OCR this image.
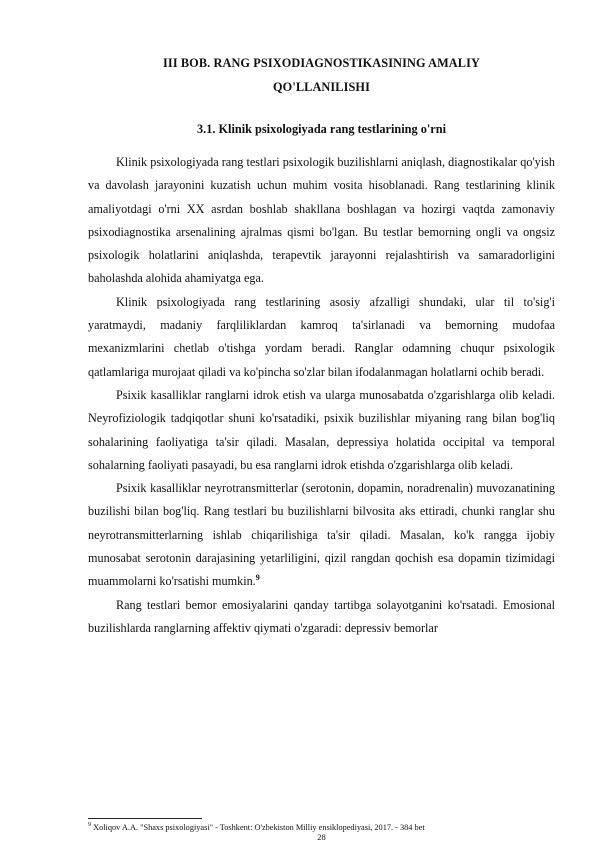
III BOB. RANG PSIXODIAGNOSTIKASINING AMALIY
QO'LLANILISHI
3.1. Klinik psixologiyada rang testlarining o'rni

Klinik psixologiyada rang testlari psixologik buzilishlarni aniqlash, diagnostikalar qo'yish va davolash jarayonini kuzatish uchun muhim vosita hisoblanadi. Rang testlarining klinik amaliyotdagi o'rni XX asrdan boshlab shakllana boshlagan va hozirgi vaqtda zamonaviy psixodiagnostika arsenalining ajralmas qismi bo'lgan. Bu testlar bemorning ongli va ongsiz psixologik holatlarini aniqlashda, terapevtik jarayonni rejalashtirish va samaradorligini baholashda alohida ahamiyatga ega.

Klinik psixologiyada rang testlarining asosiy afzalligi shundaki, ular til to'sig'i yaratmaydi, madaniy farqliliklardan kamroq ta'sirlanadi va bemorning mudofaa mexanizmlarini chetlab o'tishga yordam beradi. Ranglar odamning chuqur psixologik qatlamlariga murojaat qiladi va ko'pincha so'zlar bilan ifodalanmagan holatlarni ochib beradi.

Psixik kasalliklar ranglarni idrok etish va ularga munosabatda o'zgarishlarga olib keladi. Neyrofiziologik tadqiqotlar shuni ko'rsatadiki, psixik buzilishlar miyaning rang bilan bog'liq sohalarining faoliyatiga ta'sir qiladi. Masalan, depressiya holatida occipital va temporal sohalarning faoliyati pasayadi, bu esa ranglarni idrok etishda o'zgarishlarga olib keladi.

Psixik kasalliklar neyrotransmitterlar (serotonin, dopamin, noradrenalin) muvozanatining buzilishi bilan bog'liq. Rang testlari bu buzilishlarni bilvosita aks ettiradi, chunki ranglar shu neyrotransmitterlarning ishlab chiqarilishiga ta'sir qiladi. Masalan, ko'k rangga ijobiy munosabat serotonin darajasining yetarliligini, qizil rangdan qochish esa dopamin tizimidagi muammolarni ko'rsatishi mumkin.$^9$

Rang testlari bemor emosiyalarini qanday tartibga solayotganini ko'rsatadi. Emosional buzilishlarda ranglarning affektiv qiymati o'zgaradi: depressiv bemorlar

$^9$ Xoliqov A.A. "Shaxs psixologiyasi" - Toshkent: O'zbekiston Milliy ensiklopediyasi, 2017. - 384 bet
28
